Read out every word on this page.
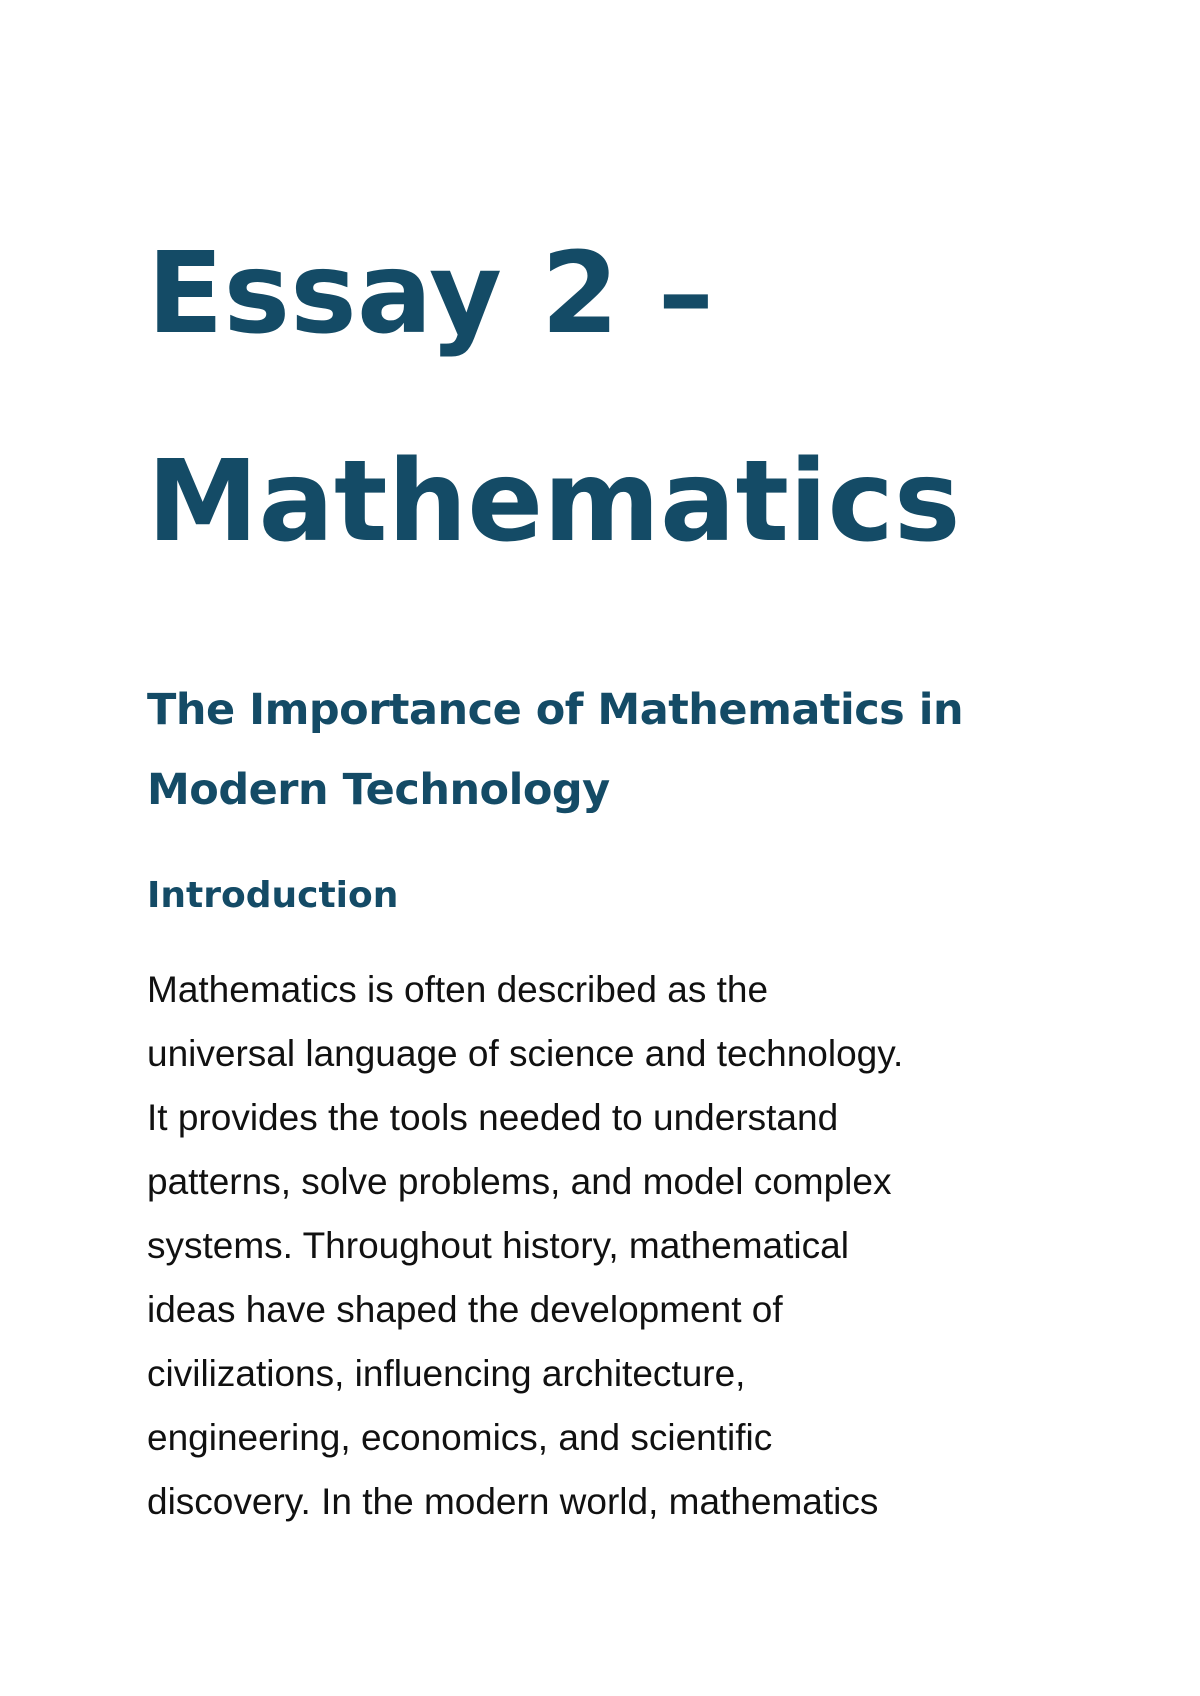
Essay 2 –
Mathematics
The Importance of Mathematics in
Modern Technology
Introduction

Mathematics is often described as the
universal language of science and technology.
It provides the tools needed to understand
patterns, solve problems, and model complex
systems. Throughout history, mathematical
ideas have shaped the development of
civilizations, influencing architecture,
engineering, economics, and scientific
discovery. In the modern world, mathematics
